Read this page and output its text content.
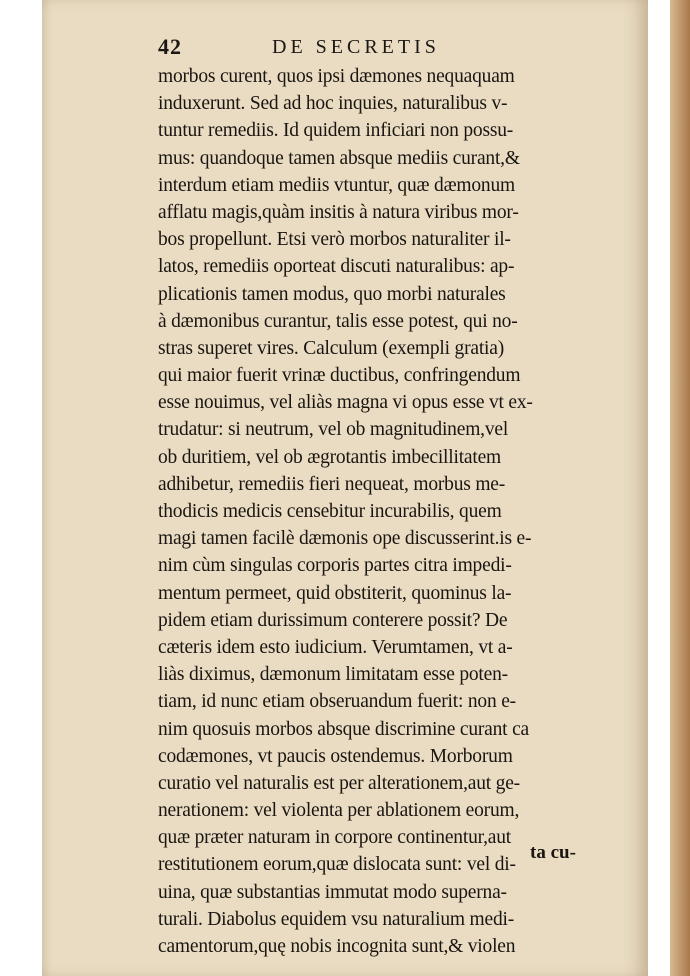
42	DE SECRETIS
morbos curent, quos ipsi dæmones nequaquam
induxerunt. Sed ad hoc inquies, naturalibus v-
tuntur remediis. Id quidem inficiari non possu-
mus: quandoque tamen absque mediis curant,&
interdum etiam mediis vtuntur, quæ dæmonum
afflatu magis,quàm insitis à natura viribus mor-
bos propellunt. Etsi verò morbos naturaliter il-
latos, remediis oporteat discuti naturalibus: ap-
plicationis tamen modus, quo morbi naturales
à dæmonibus curantur, talis esse potest, qui no-
stras superet vires. Calculum (exempli gratia)
qui maior fuerit vrinæ ductibus, confringendum
esse nouimus, vel aliàs magna vi opus esse vt ex-
trudatur: si neutrum, vel ob magnitudinem,vel
ob duritiem, vel ob ægrotantis imbecillitatem
adhibetur, remediis fieri nequeat, morbus me-
thodicis medicis censebitur incurabilis, quem
magi tamen facilè dæmonis ope discusserint.is e-
nim cùm singulas corporis partes citra impedi-
mentum permeet, quid obstiterit, quominus la-
pidem etiam durissimum conterere possit? De
cæteris idem esto iudicium. Verumtamen, vt a-
liàs diximus, dæmonum limitatam esse poten-
tiam, id nunc etiam obseruandum fuerit: non e-
nim quosuis morbos absque discrimine curant ca
codæmones, vt paucis ostendemus. Morborum
curatio vel naturalis est per alterationem,aut ge-
nerationem: vel violenta per ablationem eorum,
quæ præter naturam in corpore continentur,aut
restitutionem eorum,quæ dislocata sunt: vel di-
uina, quæ substantias immutat modo superna-
turali. Diabolus equidem vsu naturalium medi-
camentorum,quę nobis incognita sunt,& violen
ta cu-
